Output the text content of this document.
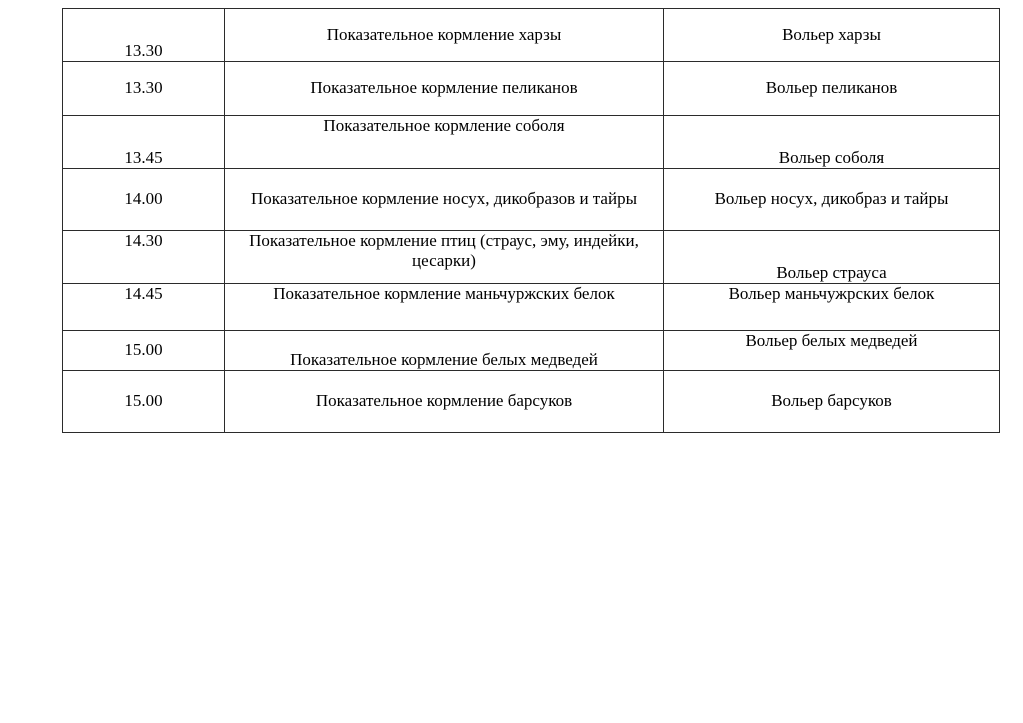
13.30	Показательное кормление харзы	Вольер харзы

13.30	Показательное кормление пеликанов	Вольер пеликанов

13.45	Показательное кормление соболя	Вольер соболя

14.00	Показательное кормление носух, дикобразов и тайры	Вольер носух, дикобраз и тайры

14.30	Показательное кормление птиц (страус, эму, индейки, цесарки)	Вольер страуса

14.45	Показательное кормление маньчуржских белок	Вольер маньчужрских белок

15.00	Показательное кормление белых медведей	Вольер белых медведей

15.00	Показательное кормление барсуков	Вольер барсуков
